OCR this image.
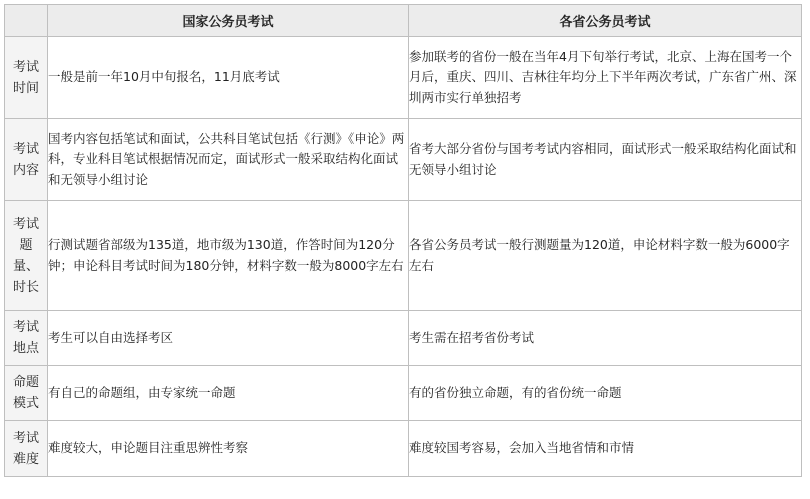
	国家公务员考试	各省公务员考试
考试时间	一般是前一年10月中旬报名，11月底考试	参加联考的省份一般在当年4月下旬举行考试，北京、上海在国考一个月后，重庆、四川、吉林往年均分上下半年两次考试，广东省广州、深圳两市实行单独招考
考试内容	国考内容包括笔试和面试，公共科目笔试包括《行测》《申论》两科，专业科目笔试根据情况而定，面试形式一般采取结构化面试和无领导小组讨论	省考大部分省份与国考考试内容相同，面试形式一般采取结构化面试和无领导小组讨论
考试题量、时长	行测试题省部级为135道，地市级为130道，作答时间为120分钟；申论科目考试时间为180分钟，材料字数一般为8000字左右	各省公务员考试一般行测题量为120道，申论材料字数一般为6000字左右
考试地点	考生可以自由选择考区	考生需在招考省份考试
命题模式	有自己的命题组，由专家统一命题	有的省份独立命题，有的省份统一命题
考试难度	难度较大，申论题目注重思辨性考察	难度较国考容易，会加入当地省情和市情
